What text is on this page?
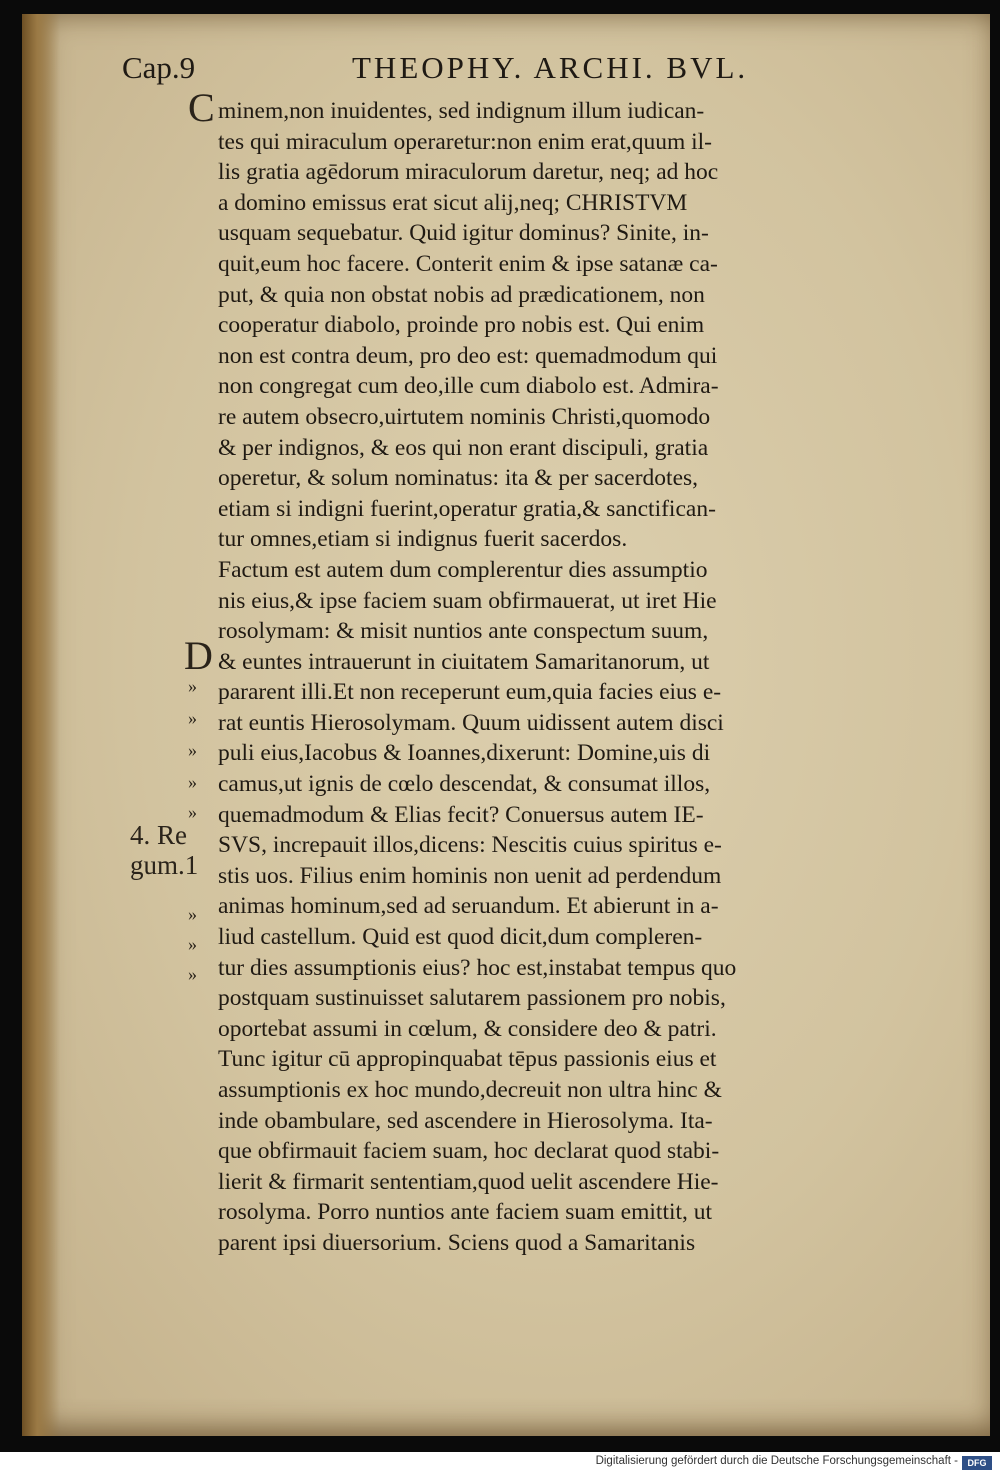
Cap.9	THEOPHY. ARCHI. BVL.
C
D
»
»
»
»
»
4. Re
gum.1
»
»
»
minem,non inuidentes, sed indignum illum iudican-
tes qui miraculum operaretur:non enim erat,quum il-
lis gratia agēdorum miraculorum daretur, neq; ad hoc
a domino emissus erat sicut alij,neq; CHRISTVM
usquam sequebatur. Quid igitur dominus? Sinite, in-
quit,eum hoc facere. Conterit enim & ipse satanæ ca-
put, & quia non obstat nobis ad prædicationem, non
cooperatur diabolo, proinde pro nobis est. Qui enim
non est contra deum, pro deo est: quemadmodum qui
non congregat cum deo,ille cum diabolo est. Admira-
re autem obsecro,uirtutem nominis Christi,quomodo
& per indignos, & eos qui non erant discipuli, gratia
operetur, & solum nominatus: ita & per sacerdotes,
etiam si indigni fuerint,operatur gratia,& sanctifican-
tur omnes,etiam si indignus fuerit sacerdos.
Factum est autem dum complerentur dies assumptio
nis eius,& ipse faciem suam obfirmauerat, ut iret Hie
rosolymam: & misit nuntios ante conspectum suum,
& euntes intrauerunt in ciuitatem Samaritanorum, ut
pararent illi.Et non receperunt eum,quia facies eius e-
rat euntis Hierosolymam. Quum uidissent autem disci
puli eius,Iacobus & Ioannes,dixerunt: Domine,uis di
camus,ut ignis de cœlo descendat, & consumat illos,
quemadmodum & Elias fecit? Conuersus autem IE-
SVS, increpauit illos,dicens: Nescitis cuius spiritus e-
stis uos. Filius enim hominis non uenit ad perdendum
animas hominum,sed ad seruandum. Et abierunt in a-
liud castellum. Quid est quod dicit,dum compleren-
tur dies assumptionis eius? hoc est,instabat tempus quo
postquam sustinuisset salutarem passionem pro nobis,
oportebat assumi in cœlum, & considere deo & patri.
Tunc igitur cū appropinquabat tēpus passionis eius et
assumptionis ex hoc mundo,decreuit non ultra hinc &
inde obambulare, sed ascendere in Hierosolyma. Ita-
que obfirmauit faciem suam, hoc declarat quod stabi-
lierit & firmarit sententiam,quod uelit ascendere Hie-
rosolyma. Porro nuntios ante faciem suam emittit, ut
parent ipsi diuersorium. Sciens quod a Samaritanis
Digitalisierung gefördert durch die Deutsche Forschungsgemeinschaft -	DFG
